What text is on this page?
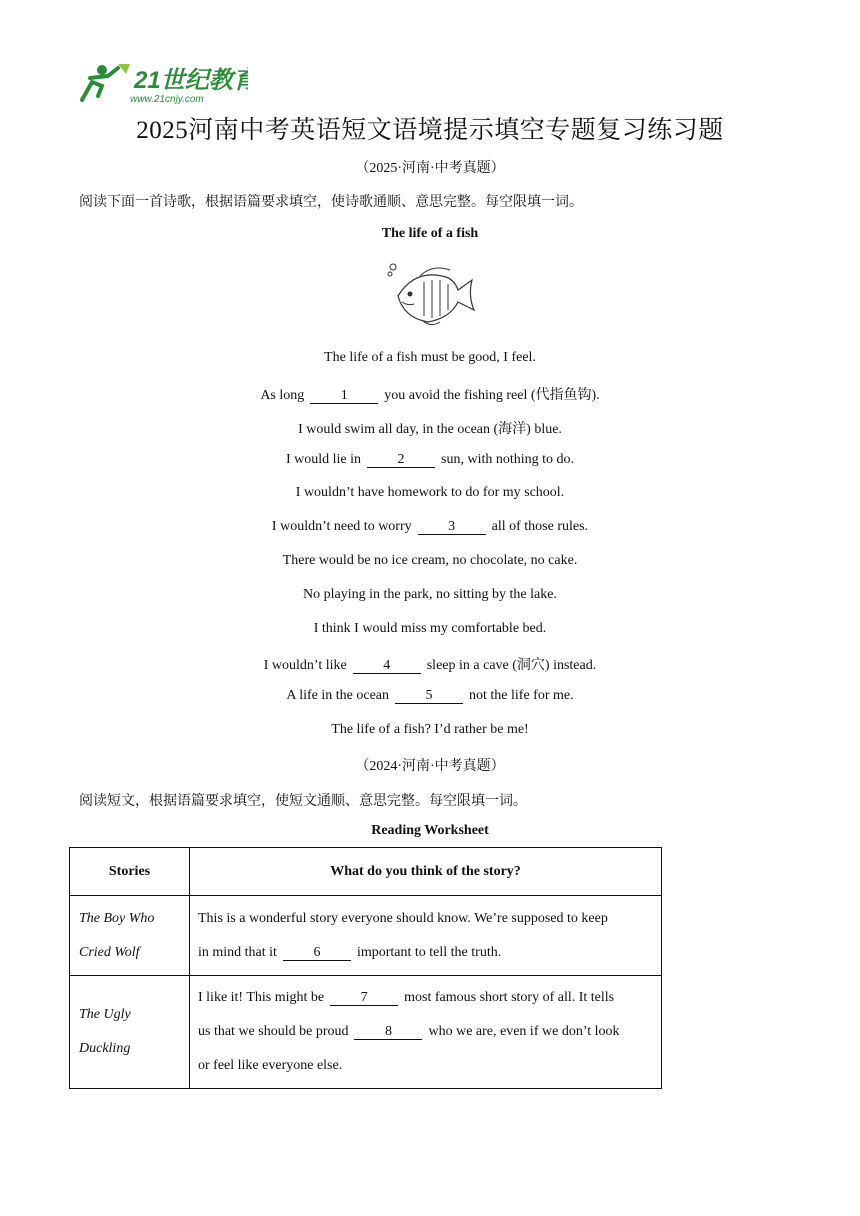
21世纪教育
www.21cnjy.com
2025河南中考英语短文语境提示填空专题复习练习题
（2025·河南·中考真题）
阅读下面一首诗歌，根据语篇要求填空，使诗歌通顺、意思完整。每空限填一词。
The life of a fish
The life of a fish must be good, I feel.
As long	1	you avoid the fishing reel (代指鱼钩).
I would swim all day, in the ocean (海洋) blue.
I would lie in	2	sun, with nothing to do.
I wouldn’t have homework to do for my school.
I wouldn’t need to worry	3	all of those rules.
There would be no ice cream, no chocolate, no cake.
No playing in the park, no sitting by the lake.
I think I would miss my comfortable bed.
I wouldn’t like	4	sleep in a cave (洞穴) instead.
A life in the ocean	5	not the life for me.
The life of a fish? I’d rather be me!
（2024·河南·中考真题）
阅读短文，根据语篇要求填空，使短文通顺、意思完整。每空限填一词。
Reading Worksheet
Stories	What do you think of the story?
The Boy Who
Cried Wolf	This is a wonderful story everyone should know. We’re supposed to keep
in mind that it 6 important to tell the truth.
The Ugly
Duckling	I like it! This might be 7 most famous short story of all. It tells
us that we should be proud 8 who we are, even if we don’t look
or feel like everyone else.
